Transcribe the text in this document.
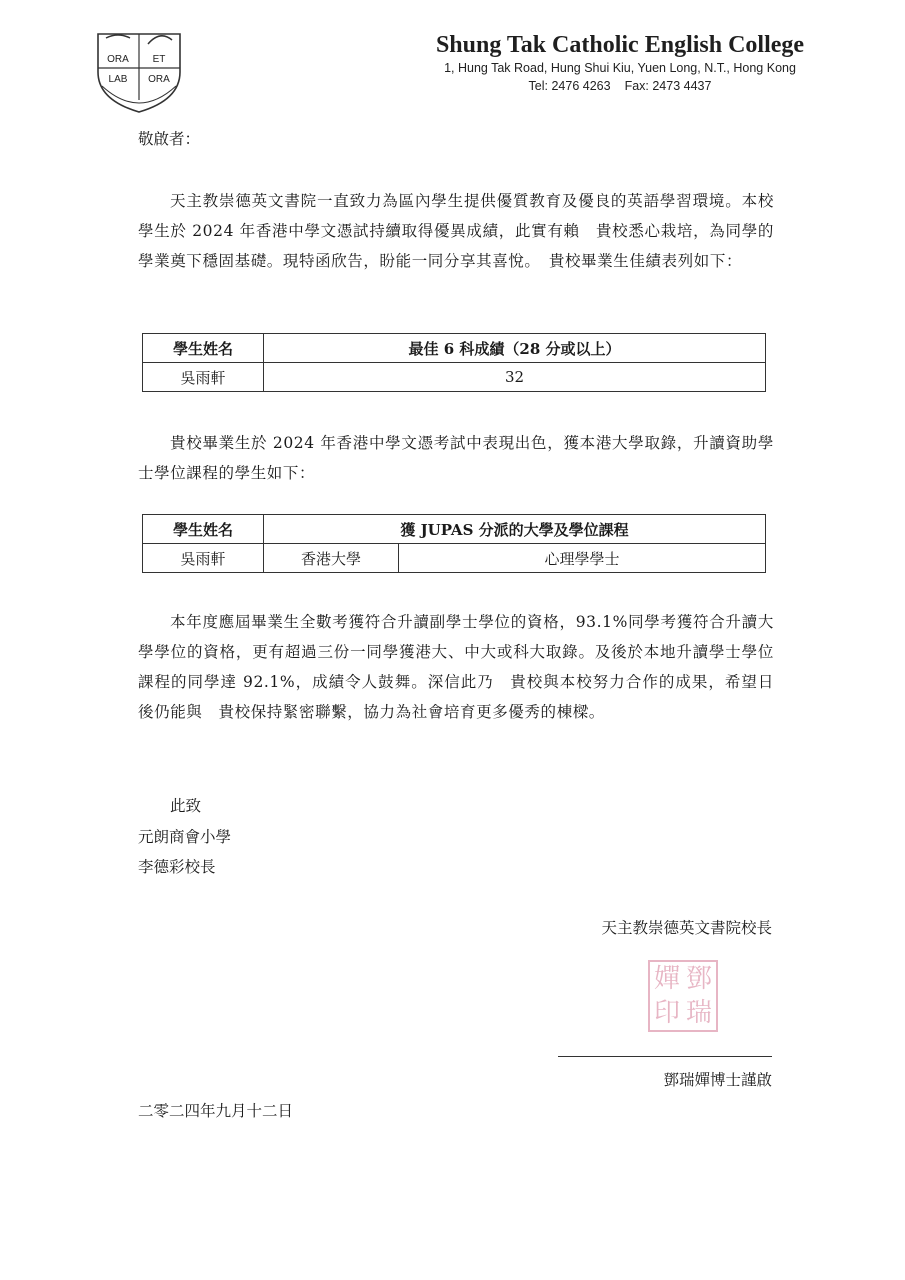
ORA ET
LAB ORA
Shung Tak Catholic English College
1, Hung Tak Road, Hung Shui Kiu, Yuen Long, N.T., Hong Kong
Tel: 2476 4263 Fax: 2473 4437
敬啟者：
天主教崇德英文書院一直致力為區內學生提供優質教育及優良的英語學習環境。本校學生於 2024 年香港中學文憑試持續取得優異成績，此實有賴　貴校悉心栽培，為同學的學業奠下穩固基礎。現特函欣告，盼能一同分享其喜悅。　貴校畢業生佳績表列如下：
學生姓名	最佳 6 科成績（28 分或以上）
吳雨軒	32
貴校畢業生於 2024 年香港中學文憑考試中表現出色，獲本港大學取錄，升讀資助學士學位課程的學生如下：
學生姓名	獲 JUPAS 分派的大學及學位課程	
吳雨軒	香港大學	心理學學士
本年度應屆畢業生全數考獲符合升讀副學士學位的資格，93.1%同學考獲符合升讀大學學位的資格，更有超過三份一同學獲港大、中大或科大取錄。及後於本地升讀學士學位課程的同學達 92.1%，成績令人鼓舞。深信此乃　貴校與本校努力合作的成果，希望日後仍能與　貴校保持緊密聯繫，協力為社會培育更多優秀的棟樑。
此致
元朗商會小學
李德彩校長
天主教崇德英文書院校長
鄧
瑞
嬋
印
鄧瑞嬋博士謹啟
二零二四年九月十二日
